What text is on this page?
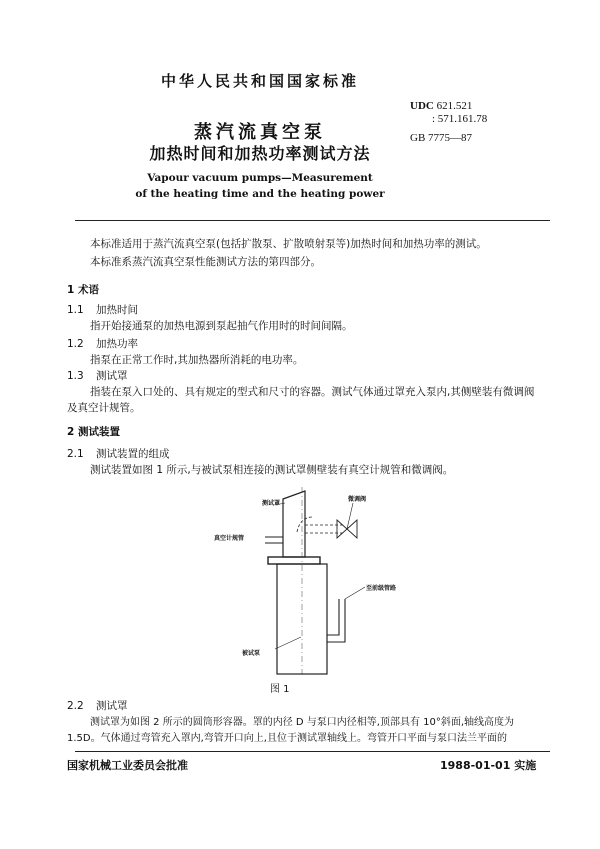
中华人民共和国国家标准
蒸汽流真空泵
加热时间和加热功率测试方法
Vapour vacuum pumps—Measurement
of the heating time and the heating power
UDC 621.521
: 571.161.78
GB 7775—87
本标准适用于蒸汽流真空泵(包括扩散泵、扩散喷射泵等)加热时间和加热功率的测试。
本标准系蒸汽流真空泵性能测试方法的第四部分。
1 术语
1.1 加热时间
指开始接通泵的加热电源到泵起抽气作用时的时间间隔。
1.2 加热功率
指泵在正常工作时,其加热器所消耗的电功率。
1.3 测试罩
指装在泵入口处的、具有规定的型式和尺寸的容器。测试气体通过罩充入泵内,其侧壁装有微调阀
及真空计规管。
2 测试装置
2.1 测试装置的组成
测试装置如图 1 所示,与被试泵相连接的测试罩侧壁装有真空计规管和微调阀。
测试罩
微调阀
真空计规管
至前级管路
被试泵
图 1
2.2 测试罩
测试罩为如图 2 所示的圆筒形容器。罩的内径 D 与泵口内径相等,顶部具有 10°斜面,轴线高度为
1.5D。气体通过弯管充入罩内,弯管开口向上,且位于测试罩轴线上。弯管开口平面与泵口法兰平面的
国家机械工业委员会批准	1988-01-01 实施
